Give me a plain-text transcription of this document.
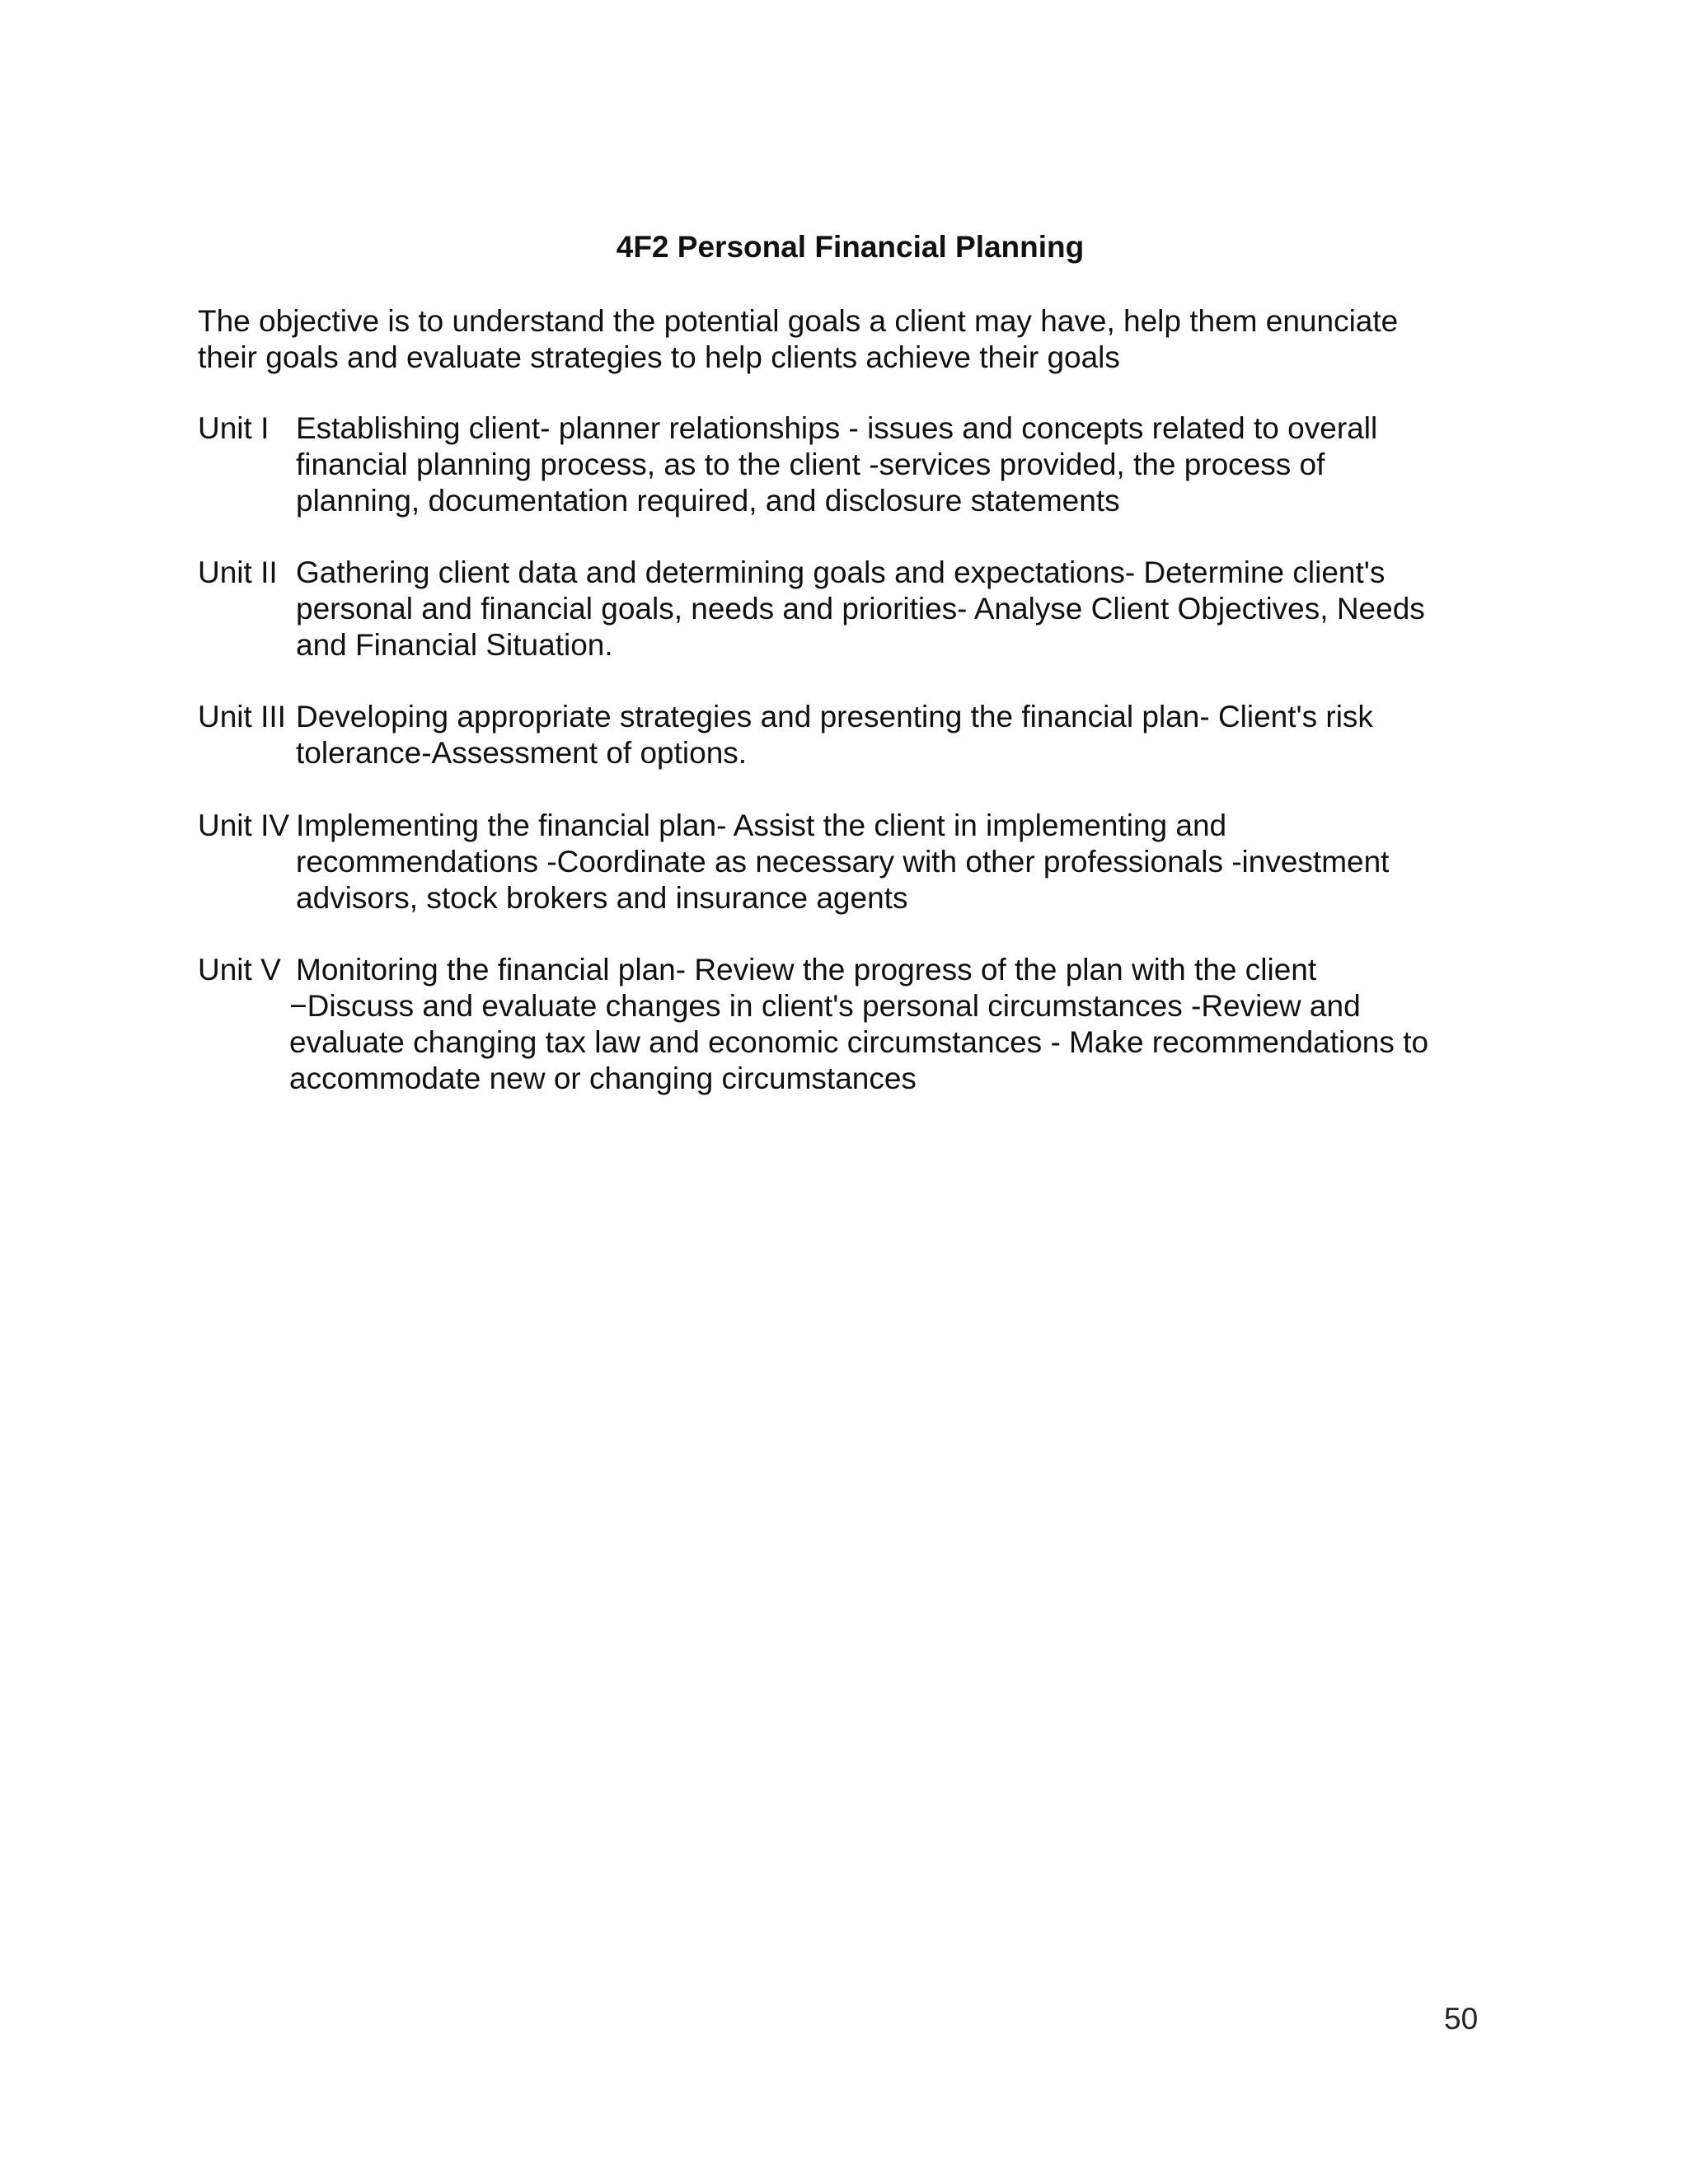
4F2 Personal Financial Planning
The objective is to understand the potential goals a client may have, help them enunciate
their goals and evaluate strategies to help clients achieve their goals
Unit I Establishing client- planner relationships - issues and concepts related to overall
financial planning process, as to the client -services provided, the process of
planning, documentation required, and disclosure statements
Unit II Gathering client data and determining goals and expectations- Determine client's
personal and financial goals, needs and priorities- Analyse Client Objectives, Needs
and Financial Situation.
Unit III Developing appropriate strategies and presenting the financial plan- Client's risk
tolerance-Assessment of options.
Unit IV Implementing the financial plan- Assist the client in implementing and
recommendations -Coordinate as necessary with other professionals -investment
advisors, stock brokers and insurance agents
Unit V Monitoring the financial plan- Review the progress of the plan with the client
−Discuss and evaluate changes in client's personal circumstances -Review and
evaluate changing tax law and economic circumstances - Make recommendations to
accommodate new or changing circumstances
50
